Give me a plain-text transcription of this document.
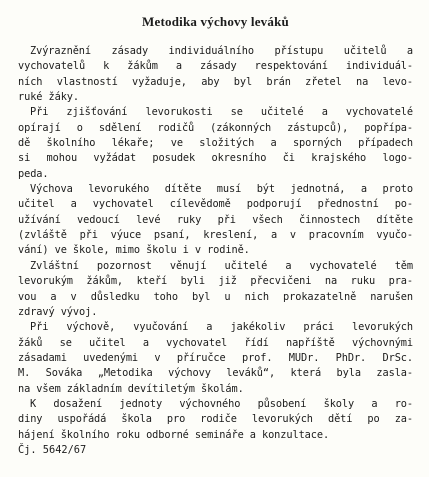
Metodika výchovy leváků
Zvýraznění zásady individuálního přístupu učitelů a
vychovatelů k žákům a zásady respektování individuál-
ních vlastností vyžaduje, aby byl brán zřetel na levo-
ruké žáky.
Při zjišťování levorukosti se učitelé a vychovatelé
opírají o sdělení rodičů (zákonných zástupců), popřípa-
dě školního lékaře; ve složitých a sporných případech
si mohou vyžádat posudek okresního či krajského logo-
peda.
Výchova levorukého dítěte musí být jednotná, a proto
učitel a vychovatel cílevědomě podporují přednostní po-
užívání vedoucí levé ruky při všech činnostech dítěte
(zvláště při výuce psaní, kreslení, a v pracovním vyučo-
vání) ve škole, mimo školu i v rodině.
Zvláštní pozornost věnují učitelé a vychovatelé těm
levorukým žákům, kteří byli již přecvičeni na ruku pra-
vou a v důsledku toho byl u nich prokazatelně narušen
zdravý vývoj.
Při výchově, vyučování a jakékoliv práci levorukých
žáků se učitel a vychovatel řídí napříště výchovnými
zásadami uvedenými v příručce prof. MUDr. PhDr. DrSc.
M. Sováka „Metodika výchovy leváků“, která byla zasla-
na všem základním devítiletým školám.
K dosažení jednoty výchovného působení školy a ro-
diny uspořádá škola pro rodiče levorukých dětí po za-
hájení školního roku odborné semináře a konzultace.
Čj. 5642/67
